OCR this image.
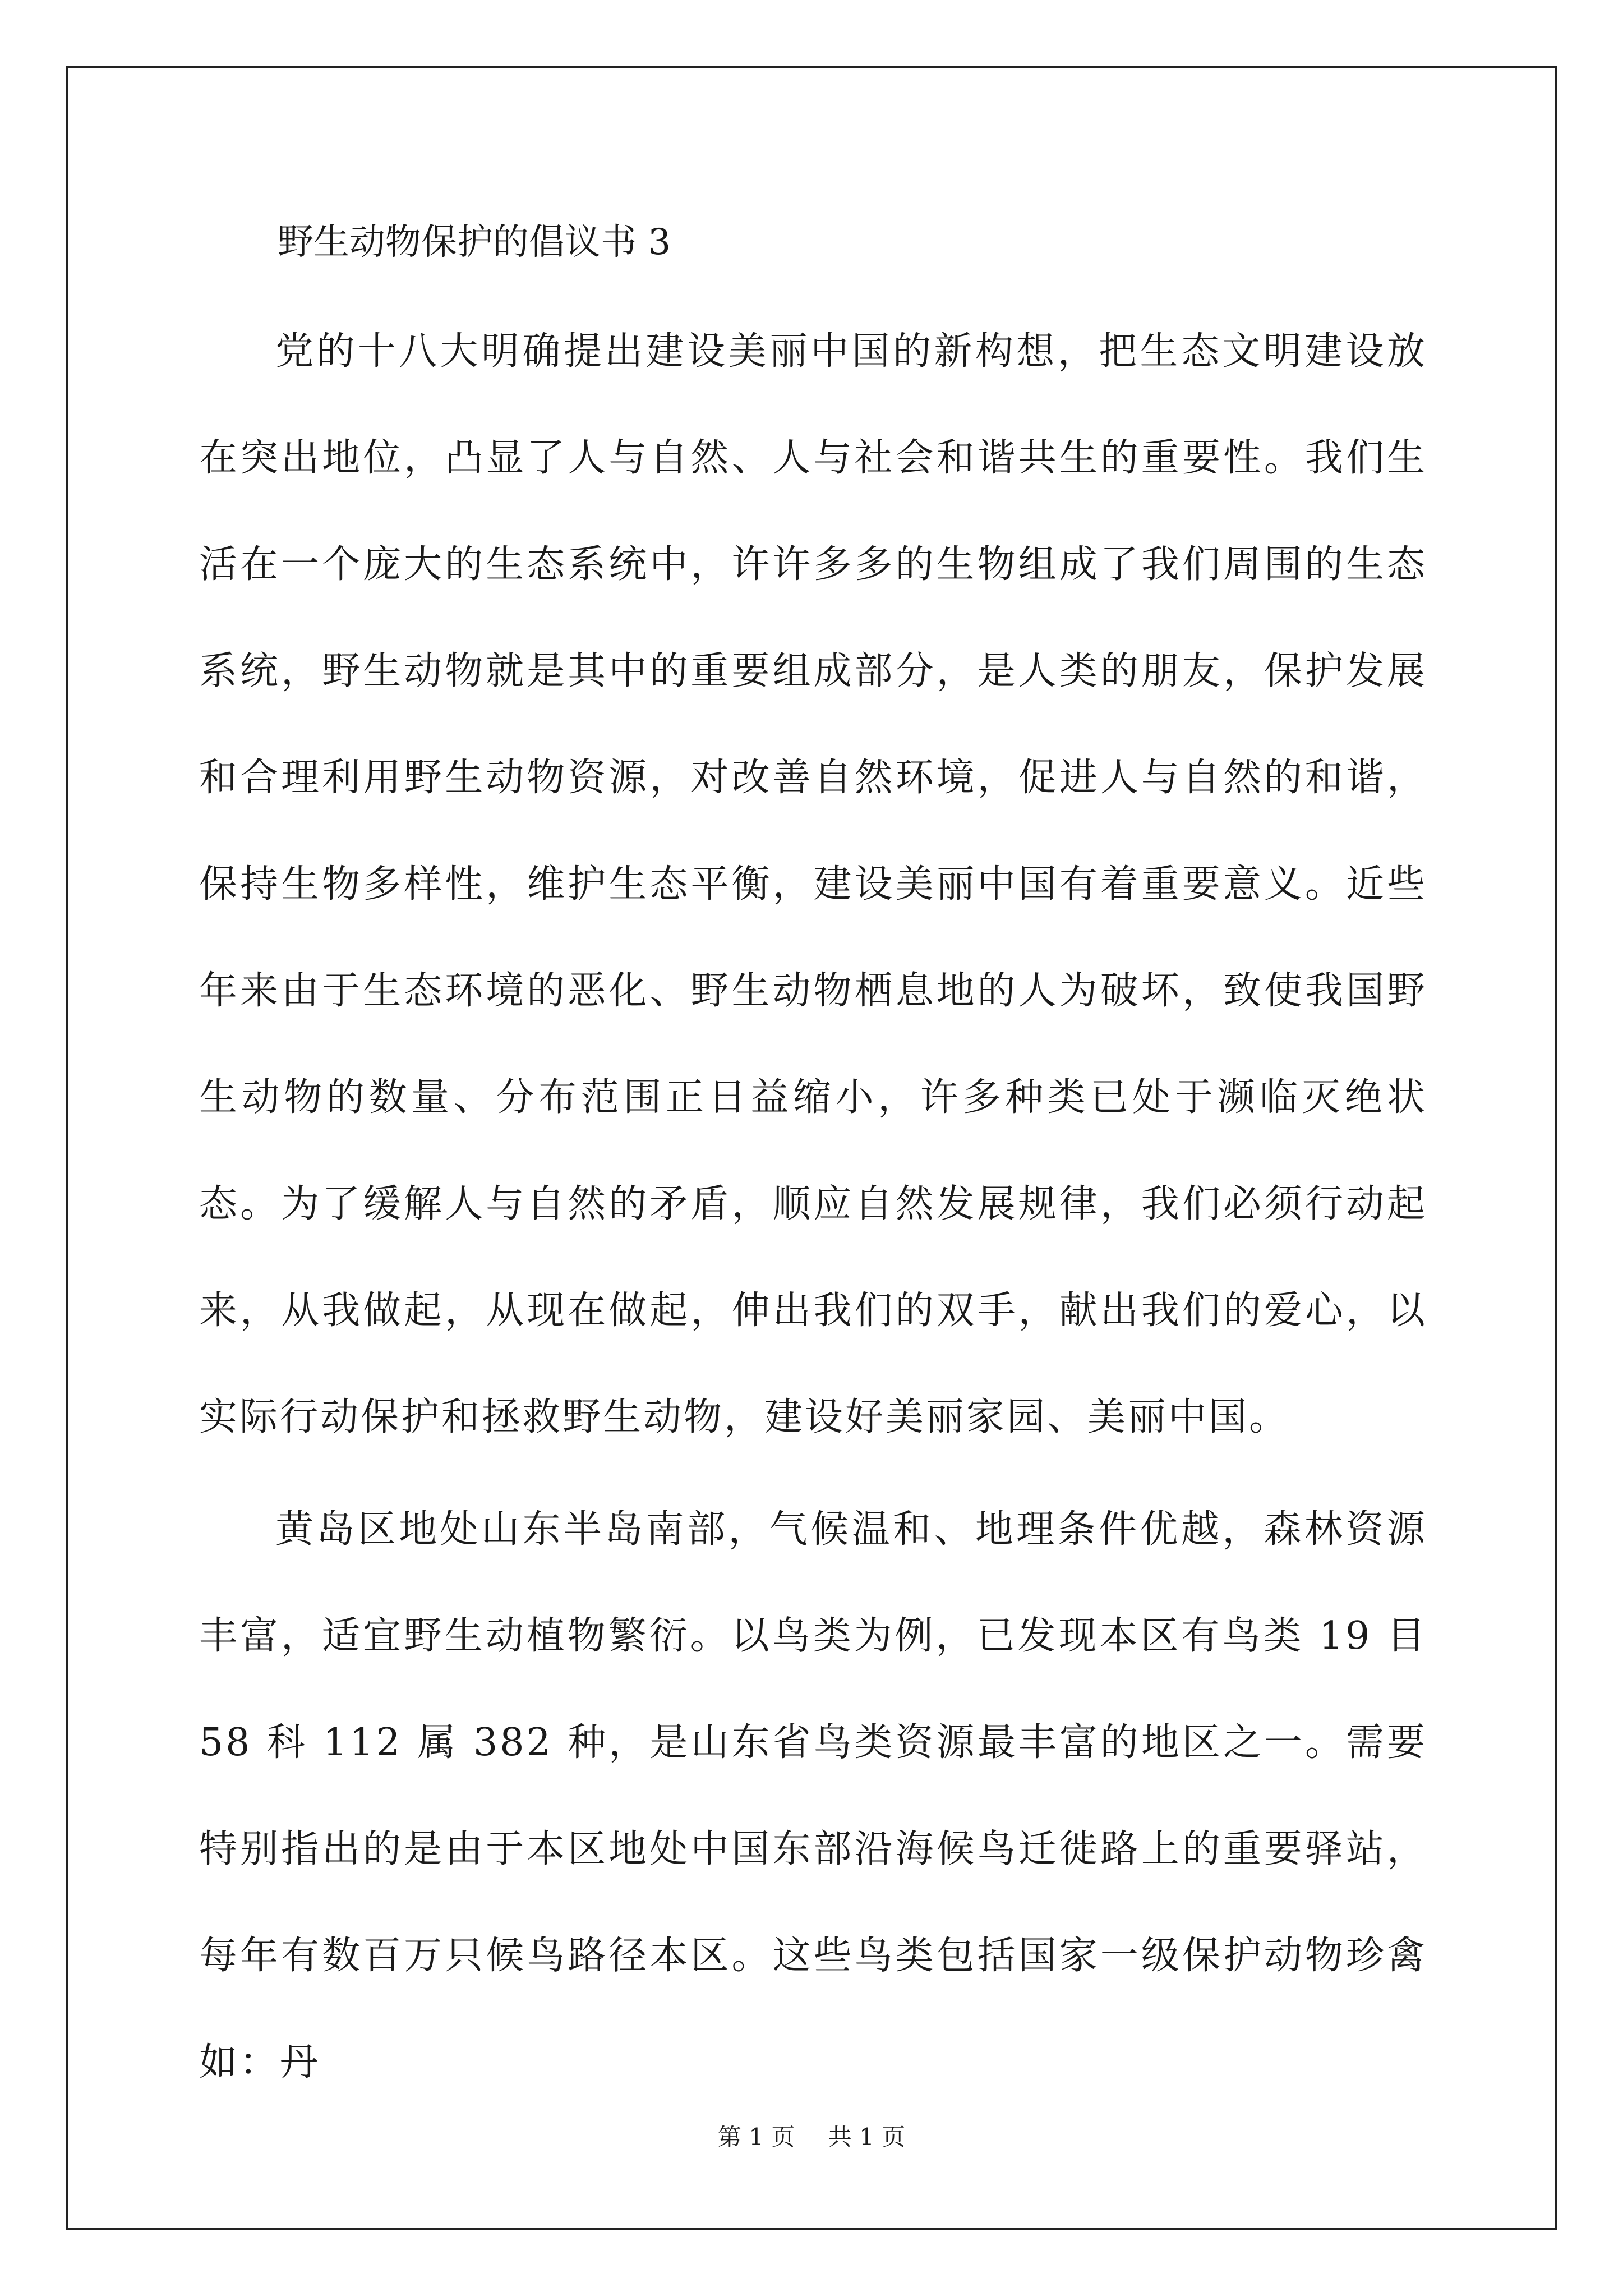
野生动物保护的倡议书 3

党的十八大明确提出建设美丽中国的新构想，把生态文明建设放在突出地位，凸显了人与自然、人与社会和谐共生的重要性。我们生活在一个庞大的生态系统中，许许多多的生物组成了我们周围的生态系统，野生动物就是其中的重要组成部分，是人类的朋友，保护发展和合理利用野生动物资源，对改善自然环境，促进人与自然的和谐，保持生物多样性，维护生态平衡，建设美丽中国有着重要意义。近些年来由于生态环境的恶化、野生动物栖息地的人为破坏，致使我国野生动物的数量、分布范围正日益缩小，许多种类已处于濒临灭绝状态。为了缓解人与自然的矛盾，顺应自然发展规律，我们必须行动起来，从我做起，从现在做起，伸出我们的双手，献出我们的爱心，以实际行动保护和拯救野生动物，建设好美丽家园、美丽中国。

黄岛区地处山东半岛南部，气候温和、地理条件优越，森林资源丰富，适宜野生动植物繁衍。以鸟类为例，已发现本区有鸟类 19 目 58 科 112 属 382 种，是山东省鸟类资源最丰富的地区之一。需要特别指出的是由于本区地处中国东部沿海候鸟迁徙路上的重要驿站，每年有数百万只候鸟路径本区。这些鸟类包括国家一级保护动物珍禽如：丹

第 1 页 共 1 页
